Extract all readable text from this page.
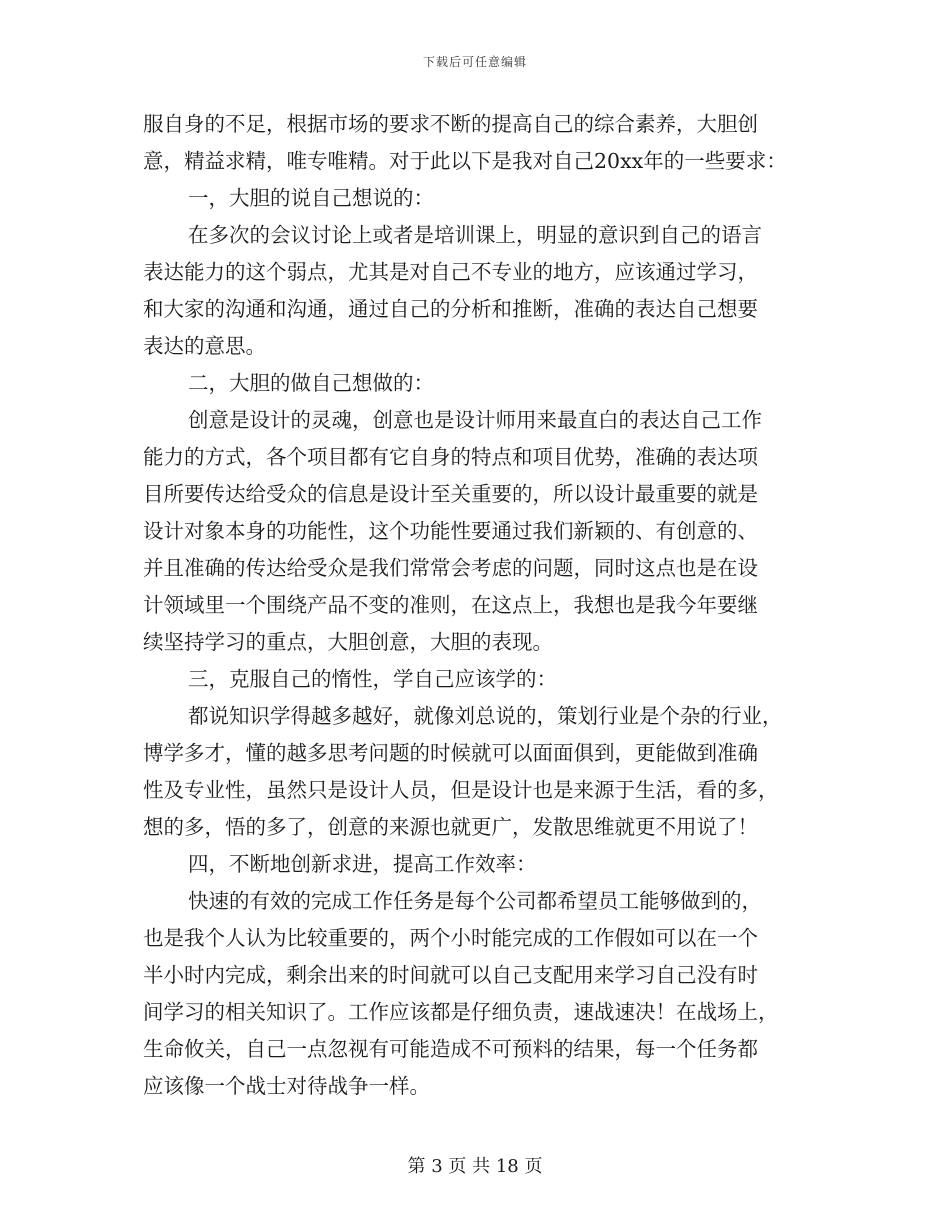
下载后可任意编辑
服自身的不足，根据市场的要求不断的提高自己的综合素养，大胆创
意，精益求精，唯专唯精。对于此以下是我对自己20xx年的一些要求：
一，大胆的说自己想说的：
在多次的会议讨论上或者是培训课上，明显的意识到自己的语言
表达能力的这个弱点，尤其是对自己不专业的地方，应该通过学习，
和大家的沟通和沟通，通过自己的分析和推断，准确的表达自己想要
表达的意思。
二，大胆的做自己想做的：
创意是设计的灵魂，创意也是设计师用来最直白的表达自己工作
能力的方式，各个项目都有它自身的特点和项目优势，准确的表达项
目所要传达给受众的信息是设计至关重要的，所以设计最重要的就是
设计对象本身的功能性，这个功能性要通过我们新颖的、有创意的、
并且准确的传达给受众是我们常常会考虑的问题，同时这点也是在设
计领域里一个围绕产品不变的准则，在这点上，我想也是我今年要继
续坚持学习的重点，大胆创意，大胆的表现。
三，克服自己的惰性，学自己应该学的：
都说知识学得越多越好，就像刘总说的，策划行业是个杂的行业，
博学多才，懂的越多思考问题的时候就可以面面俱到，更能做到准确
性及专业性，虽然只是设计人员，但是设计也是来源于生活，看的多，
想的多，悟的多了，创意的来源也就更广，发散思维就更不用说了！
四，不断地创新求进，提高工作效率：
快速的有效的完成工作任务是每个公司都希望员工能够做到的，
也是我个人认为比较重要的，两个小时能完成的工作假如可以在一个
半小时内完成，剩余出来的时间就可以自己支配用来学习自己没有时
间学习的相关知识了。工作应该都是仔细负责，速战速决！在战场上，
生命攸关，自己一点忽视有可能造成不可预料的结果，每一个任务都
应该像一个战士对待战争一样。
第 3 页 共 18 页
